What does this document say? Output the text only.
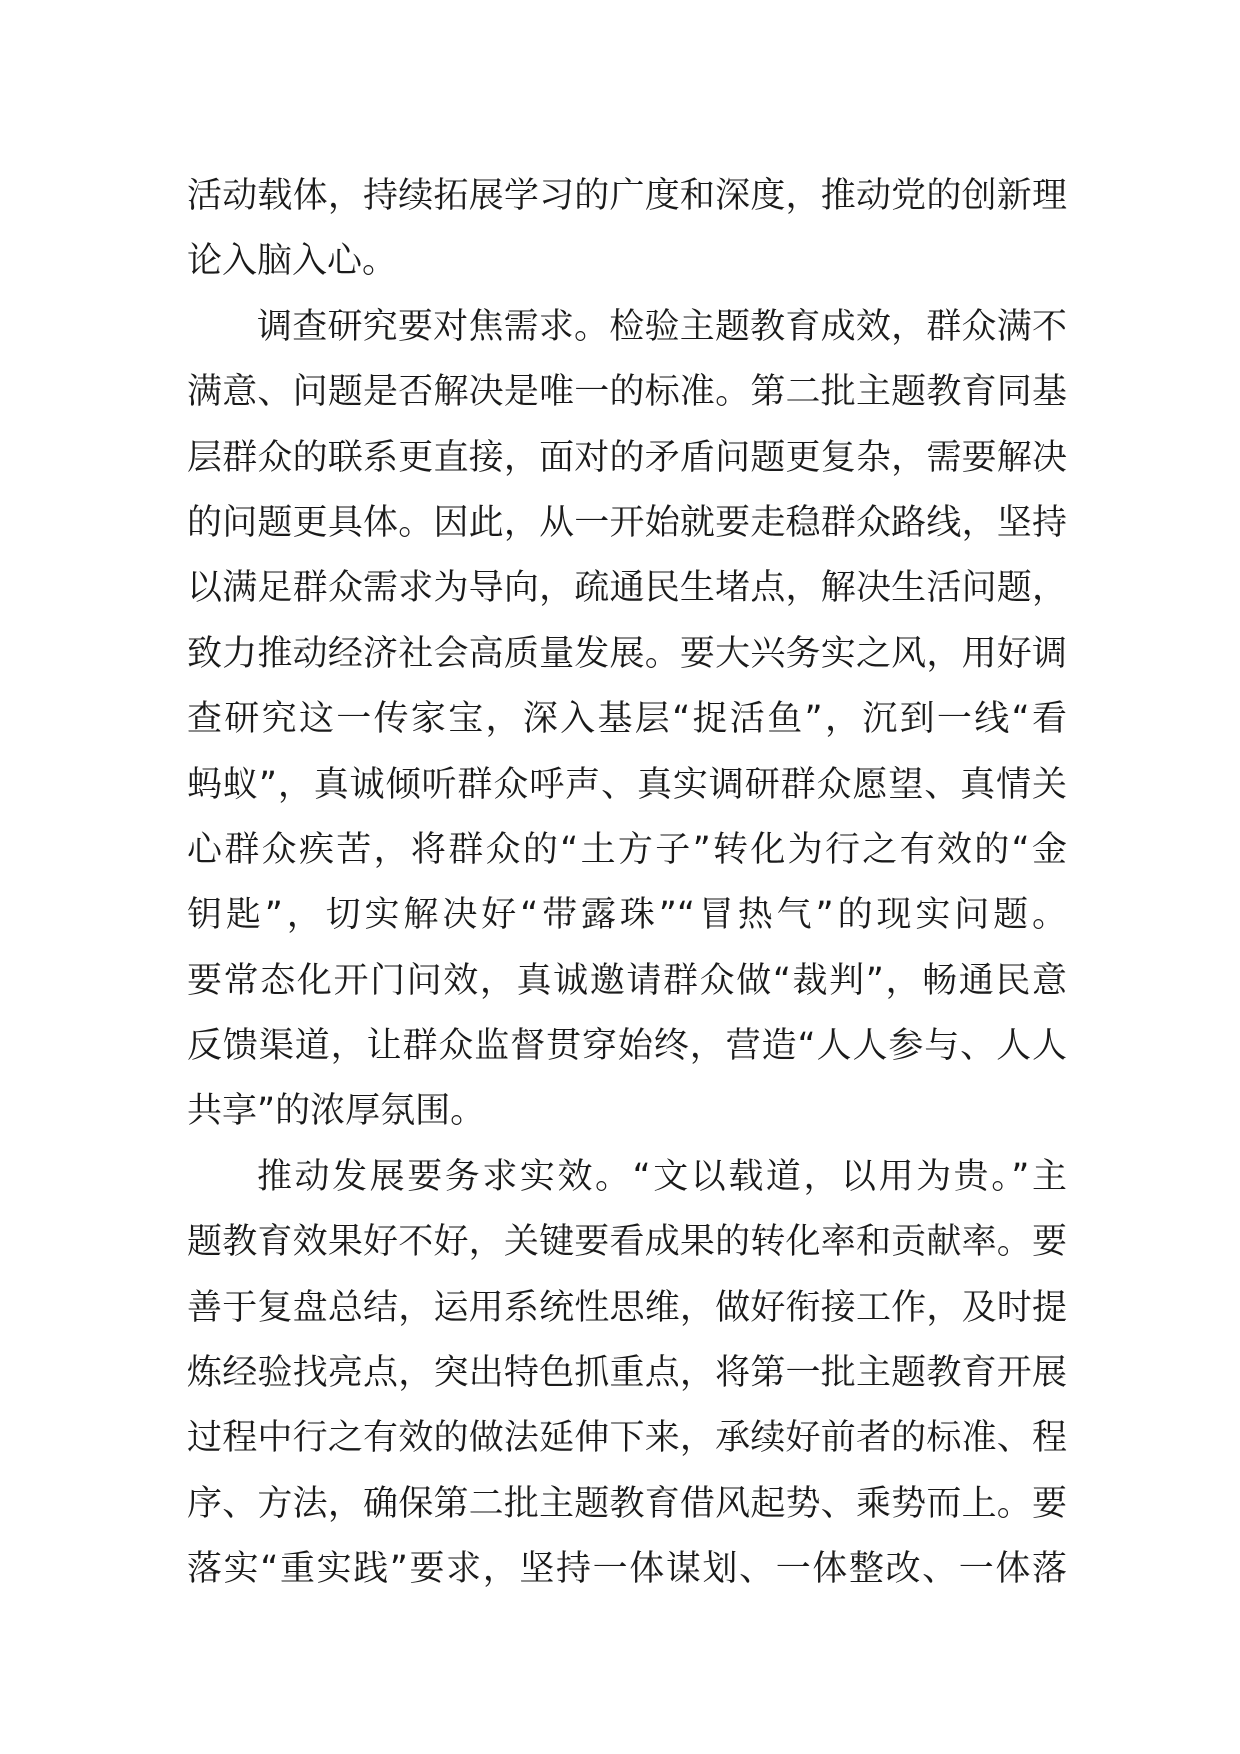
活动载体，持续拓展学习的广度和深度，推动党的创新理
论入脑入心。
调查研究要对焦需求。检验主题教育成效，群众满不
满意、问题是否解决是唯一的标准。第二批主题教育同基
层群众的联系更直接，面对的矛盾问题更复杂，需要解决
的问题更具体。因此，从一开始就要走稳群众路线，坚持
以满足群众需求为导向，疏通民生堵点，解决生活问题，
致力推动经济社会高质量发展。要大兴务实之风，用好调
查研究这一传家宝，深入基层“捉活鱼”，沉到一线“看
蚂蚁”，真诚倾听群众呼声、真实调研群众愿望、真情关
心群众疾苦，将群众的“土方子”转化为行之有效的“金
钥匙”，切实解决好“带露珠”“冒热气”的现实问题。
要常态化开门问效，真诚邀请群众做“裁判”，畅通民意
反馈渠道，让群众监督贯穿始终，营造“人人参与、人人
共享”的浓厚氛围。
推动发展要务求实效。“文以载道，以用为贵。”主
题教育效果好不好，关键要看成果的转化率和贡献率。要
善于复盘总结，运用系统性思维，做好衔接工作，及时提
炼经验找亮点，突出特色抓重点，将第一批主题教育开展
过程中行之有效的做法延伸下来，承续好前者的标准、程
序、方法，确保第二批主题教育借风起势、乘势而上。要
落实“重实践”要求，坚持一体谋划、一体整改、一体落
